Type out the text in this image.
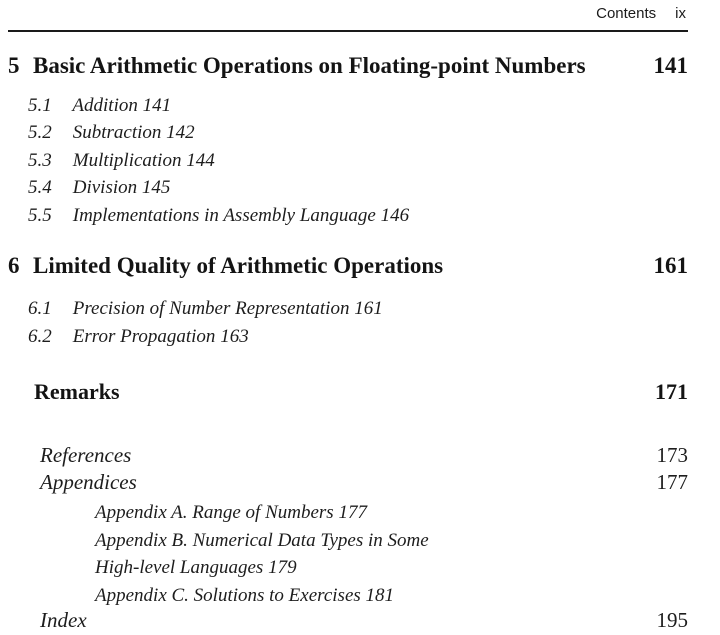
Contents ix
5 Basic Arithmetic Operations on Floating-point Numbers	141
5.1 Addition 141
5.2 Subtraction 142
5.3 Multiplication 144
5.4 Division 145
5.5 Implementations in Assembly Language 146
6 Limited Quality of Arithmetic Operations	161
6.1 Precision of Number Representation 161
6.2 Error Propagation 163
Remarks	171
References	173
Appendices	177
Appendix A. Range of Numbers 177
Appendix B. Numerical Data Types in Some
High-level Languages 179
Appendix C. Solutions to Exercises 181
Index	195
